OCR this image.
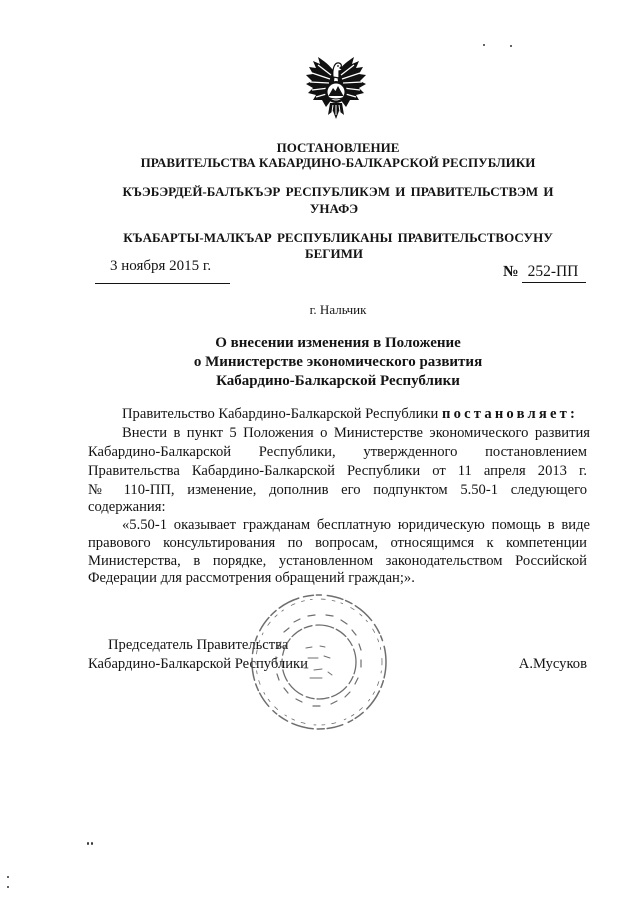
ПОСТАНОВЛЕНИЕ
ПРАВИТЕЛЬСТВА КАБАРДИНО-БАЛКАРСКОЙ РЕСПУБЛИКИ
КЪЭБЭРДЕЙ-БАЛЪКЪЭР РЕСПУБЛИКЭМ И ПРАВИТЕЛЬСТВЭМ И
УНАФЭ
КЪАБАРТЫ-МАЛКЪАР РЕСПУБЛИКАНЫ ПРАВИТЕЛЬСТВОСУНУ
БЕГИМИ
3 ноября 2015 г.	№ 252-ПП
г. Нальчик
О внесении изменения в Положение
о Министерстве экономического развития
Кабардино-Балкарской Республики
Правительство Кабардино-Балкарской Республики постановляет:
Внести в пункт 5 Положения о Министерстве экономического развития
Кабардино-Балкарской Республики, утвержденного постановлением
Правительства Кабардино-Балкарской Республики от 11 апреля 2013 г.
№ 110-ПП, изменение, дополнив его подпунктом 5.50-1 следующего
содержания:
«5.50-1 оказывает гражданам бесплатную юридическую помощь в виде
правового консультирования по вопросам, относящимся к компетенции
Министерства, в порядке, установленном законодательством Российской
Федерации для рассмотрения обращений граждан;».
Председатель Правительства
Кабардино-Балкарской Республики	А.Мусуков
